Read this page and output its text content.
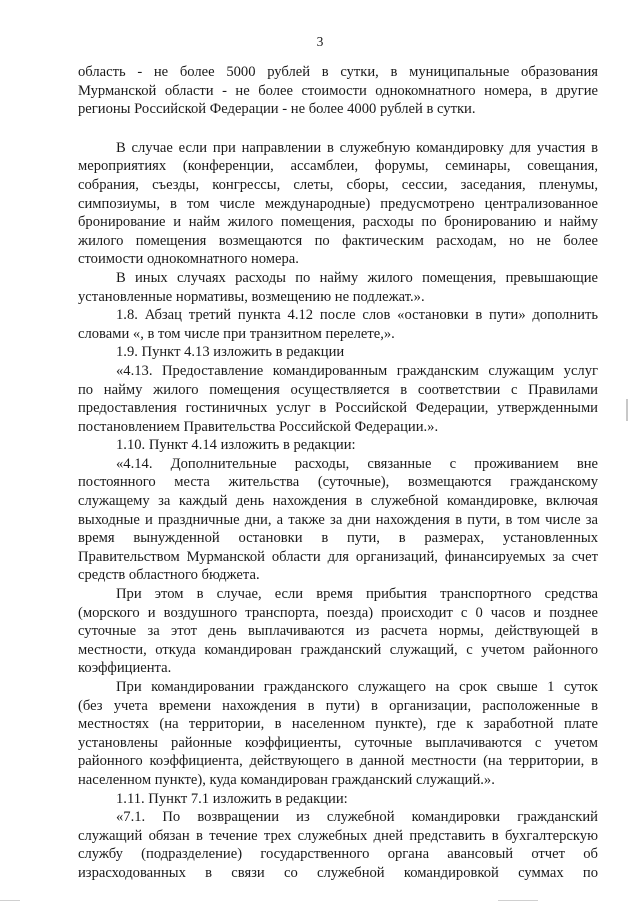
3

область - не более 5000 рублей в сутки, в муниципальные образования

Мурманской области - не более стоимости однокомнатного номера, в другие

регионы Российской Федерации - не более 4000 рублей в сутки.

В случае если при направлении в служебную командировку для участия в

мероприятиях (конференции, ассамблеи, форумы, семинары, совещания,

собрания, съезды, конгрессы, слеты, сборы, сессии, заседания, пленумы,

симпозиумы, в том числе международные) предусмотрено централизованное

бронирование и найм жилого помещения, расходы по бронированию и найму

жилого помещения возмещаются по фактическим расходам, но не более

стоимости однокомнатного номера.

В иных случаях расходы по найму жилого помещения, превышающие

установленные нормативы, возмещению не подлежат.».

1.8. Абзац третий пункта 4.12 после слов «остановки в пути» дополнить

словами «, в том числе при транзитном перелете,».

1.9. Пункт 4.13 изложить в редакции

«4.13. Предоставление командированным гражданским служащим услуг

по найму жилого помещения осуществляется в соответствии с Правилами

предоставления гостиничных услуг в Российской Федерации, утвержденными

постановлением Правительства Российской Федерации.».

1.10. Пункт 4.14 изложить в редакции:

«4.14. Дополнительные расходы, связанные с проживанием вне

постоянного места жительства (суточные), возмещаются гражданскому

служащему за каждый день нахождения в служебной командировке, включая

выходные и праздничные дни, а также за дни нахождения в пути, в том числе за

время вынужденной остановки в пути, в размерах, установленных

Правительством Мурманской области для организаций, финансируемых за счет

средств областного бюджета.

При этом в случае, если время прибытия транспортного средства

(морского и воздушного транспорта, поезда) происходит с 0 часов и позднее

суточные за этот день выплачиваются из расчета нормы, действующей в

местности, откуда командирован гражданский служащий, с учетом районного

коэффициента.

При командировании гражданского служащего на срок свыше 1 суток

(без учета времени нахождения в пути) в организации, расположенные в

местностях (на территории, в населенном пункте), где к заработной плате

установлены районные коэффициенты, суточные выплачиваются с учетом

районного коэффициента, действующего в данной местности (на территории, в

населенном пункте), куда командирован гражданский служащий.».

1.11. Пункт 7.1 изложить в редакции:

«7.1. По возвращении из служебной командировки гражданский

служащий обязан в течение трех служебных дней представить в бухгалтерскую

службу (подразделение) государственного органа авансовый отчет об

израсходованных в связи со служебной командировкой суммах по
